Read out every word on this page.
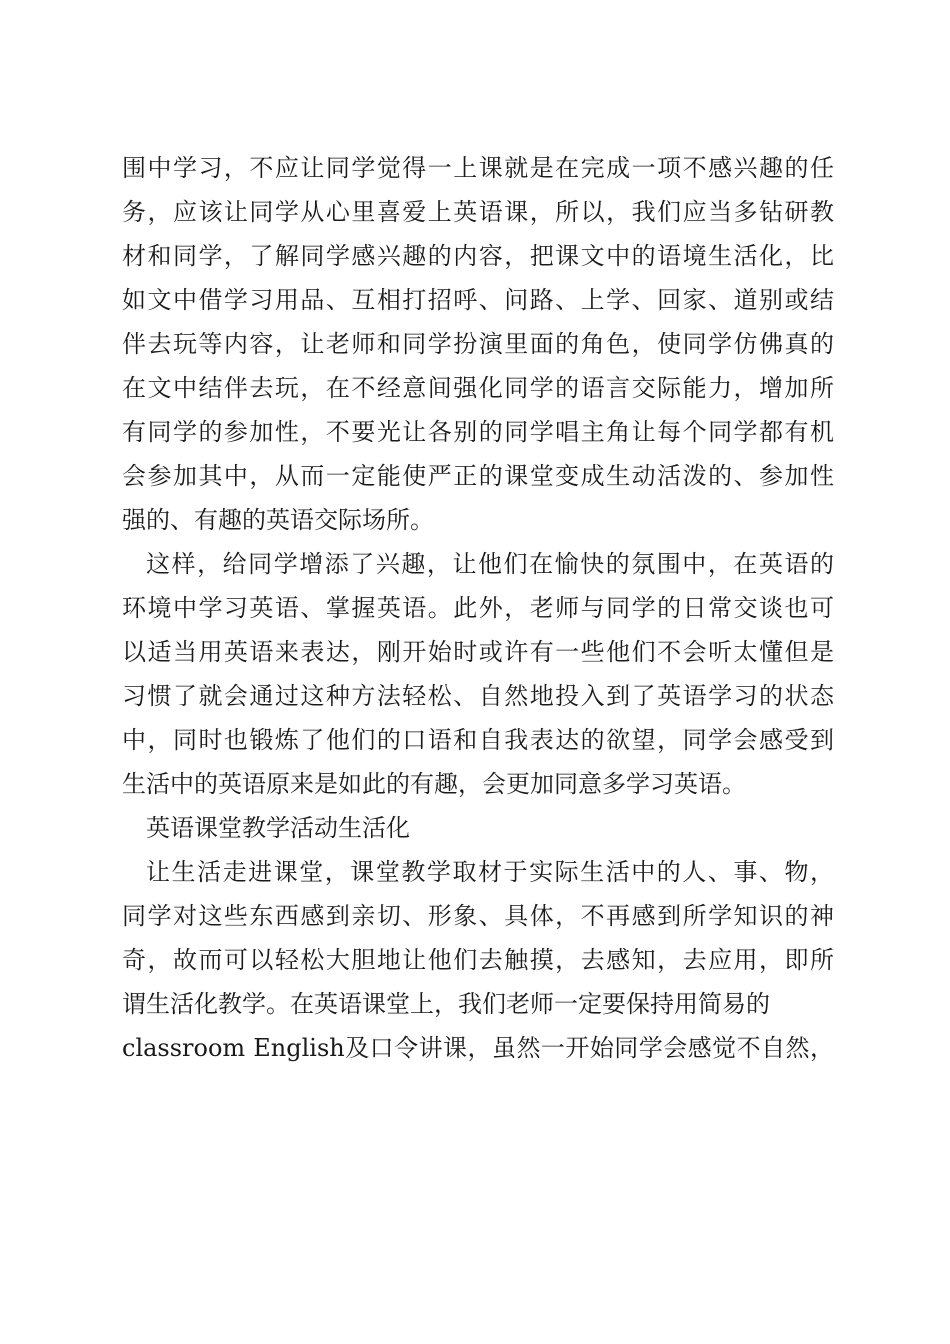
围中学习，不应让同学觉得一上课就是在完成一项不感兴趣的任
务，应该让同学从心里喜爱上英语课，所以，我们应当多钻研教
材和同学，了解同学感兴趣的内容，把课文中的语境生活化，比
如文中借学习用品、互相打招呼、问路、上学、回家、道别或结
伴去玩等内容，让老师和同学扮演里面的角色，使同学仿佛真的
在文中结伴去玩，在不经意间强化同学的语言交际能力，增加所
有同学的参加性，不要光让各别的同学唱主角让每个同学都有机
会参加其中，从而一定能使严正的课堂变成生动活泼的、参加性
强的、有趣的英语交际场所。
这样，给同学增添了兴趣，让他们在愉快的氛围中，在英语的
环境中学习英语、掌握英语。此外，老师与同学的日常交谈也可
以适当用英语来表达，刚开始时或许有一些他们不会听太懂但是
习惯了就会通过这种方法轻松、自然地投入到了英语学习的状态
中，同时也锻炼了他们的口语和自我表达的欲望，同学会感受到
生活中的英语原来是如此的有趣，会更加同意多学习英语。
英语课堂教学活动生活化
让生活走进课堂，课堂教学取材于实际生活中的人、事、物，
同学对这些东西感到亲切、形象、具体，不再感到所学知识的神
奇，故而可以轻松大胆地让他们去触摸，去感知，去应用，即所
谓生活化教学。在英语课堂上，我们老师一定要保持用简易的
classroom English及口令讲课，虽然一开始同学会感觉不自然，
